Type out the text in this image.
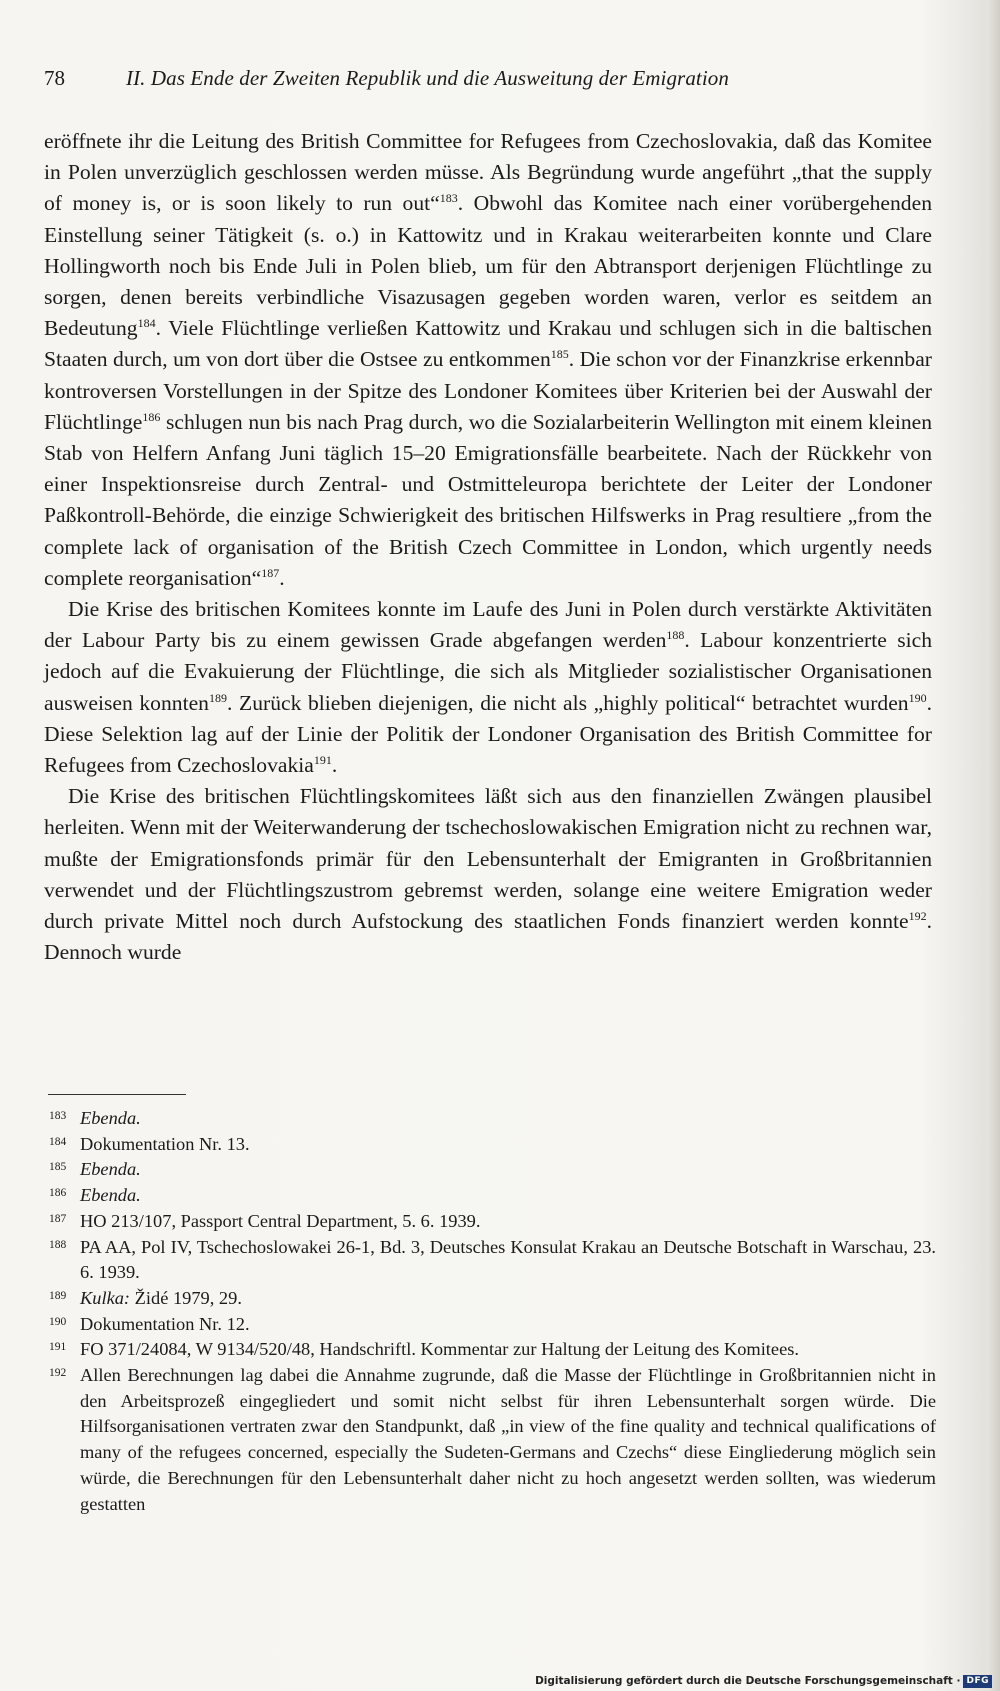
78	II. Das Ende der Zweiten Republik und die Ausweitung der Emigration

eröffnete ihr die Leitung des British Committee for Refugees from Czechoslovakia, daß das Komitee in Polen unverzüglich geschlossen werden müsse. Als Begründung wurde angeführt „that the supply of money is, or is soon likely to run out“$^{183}$. Obwohl das Komitee nach einer vorübergehenden Einstellung seiner Tätigkeit (s. o.) in Kattowitz und in Krakau weiterarbeiten konnte und Clare Hollingworth noch bis Ende Juli in Polen blieb, um für den Abtransport derjenigen Flüchtlinge zu sorgen, denen bereits verbindliche Visazusagen gegeben worden waren, verlor es seitdem an Bedeutung$^{184}$. Viele Flüchtlinge verließen Kattowitz und Krakau und schlugen sich in die baltischen Staaten durch, um von dort über die Ostsee zu entkommen$^{185}$. Die schon vor der Finanzkrise erkennbar kontroversen Vorstellungen in der Spitze des Londoner Komitees über Kriterien bei der Auswahl der Flüchtlinge$^{186}$ schlugen nun bis nach Prag durch, wo die Sozialarbeiterin Wellington mit einem kleinen Stab von Helfern Anfang Juni täglich 15–20 Emigrationsfälle bearbeitete. Nach der Rückkehr von einer Inspektionsreise durch Zentral- und Ostmitteleuropa berichtete der Leiter der Londoner Paßkontroll-Behörde, die einzige Schwierigkeit des britischen Hilfswerks in Prag resultiere „from the complete lack of organisation of the British Czech Committee in London, which urgently needs complete reorganisation“$^{187}$.

Die Krise des britischen Komitees konnte im Laufe des Juni in Polen durch verstärkte Aktivitäten der Labour Party bis zu einem gewissen Grade abgefangen werden$^{188}$. Labour konzentrierte sich jedoch auf die Evakuierung der Flüchtlinge, die sich als Mitglieder sozialistischer Organisationen ausweisen konnten$^{189}$. Zurück blieben diejenigen, die nicht als „highly political“ betrachtet wurden$^{190}$. Diese Selektion lag auf der Linie der Politik der Londoner Organisation des British Committee for Refugees from Czechoslovakia$^{191}$.

Die Krise des britischen Flüchtlingskomitees läßt sich aus den finanziellen Zwängen plausibel herleiten. Wenn mit der Weiterwanderung der tschechoslowakischen Emigration nicht zu rechnen war, mußte der Emigrationsfonds primär für den Lebensunterhalt der Emigranten in Großbritannien verwendet und der Flüchtlingszustrom gebremst werden, solange eine weitere Emigration weder durch private Mittel noch durch Aufstockung des staatlichen Fonds finanziert werden konnte$^{192}$. Dennoch wurde

183 Ebenda.
184 Dokumentation Nr. 13.
185 Ebenda.
186 Ebenda.
187 HO 213/107, Passport Central Department, 5. 6. 1939.
188 PA AA, Pol IV, Tschechoslowakei 26-1, Bd. 3, Deutsches Konsulat Krakau an Deutsche Botschaft in Warschau, 23. 6. 1939.
189 Kulka: Židé 1979, 29.
190 Dokumentation Nr. 12.
191 FO 371/24084, W 9134/520/48, Handschriftl. Kommentar zur Haltung der Leitung des Komitees.
192 Allen Berechnungen lag dabei die Annahme zugrunde, daß die Masse der Flüchtlinge in Großbritannien nicht in den Arbeitsprozeß eingegliedert und somit nicht selbst für ihren Lebensunterhalt sorgen würde. Die Hilfsorganisationen vertraten zwar den Standpunkt, daß „in view of the fine quality and technical qualifications of many of the refugees concerned, especially the Sudeten-Germans and Czechs“ diese Eingliederung möglich sein würde, die Berechnungen für den Lebensunterhalt daher nicht zu hoch angesetzt werden sollten, was wiederum gestatten
Digitalisierung gefördert durch die Deutsche Forschungsgemeinschaft · DFG
